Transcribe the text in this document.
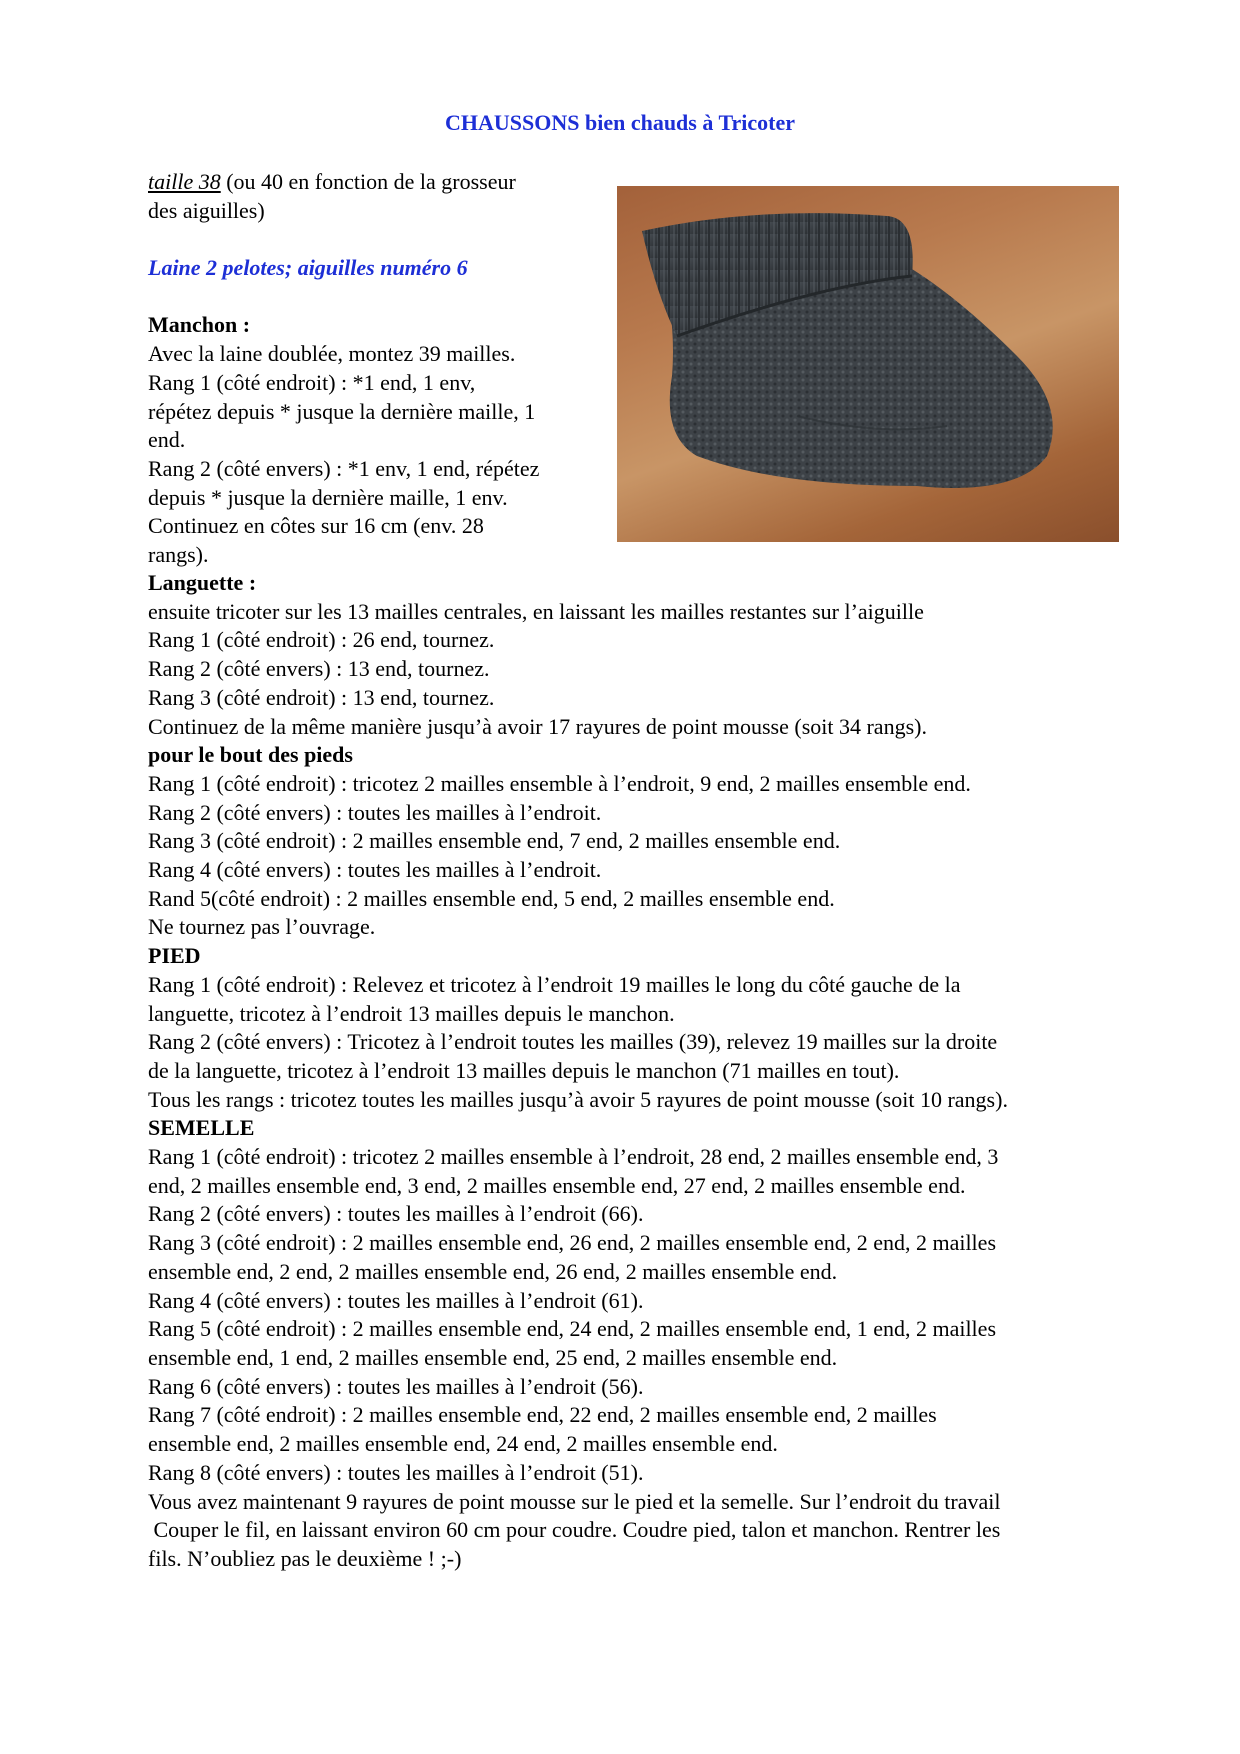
CHAUSSONS bien chauds à Tricoter
taille 38 (ou 40 en fonction de la grosseur
des aiguilles)
Laine 2 pelotes; aiguilles numéro 6
Manchon :
Avec la laine doublée, montez 39 mailles.
Rang 1 (côté endroit) : *1 end, 1 env,
répétez depuis * jusque la dernière maille, 1
end.
Rang 2 (côté envers) : *1 env, 1 end, répétez
depuis * jusque la dernière maille, 1 env.
Continuez en côtes sur 16 cm (env. 28
rangs).
Languette :
ensuite tricoter sur les 13 mailles centrales, en laissant les mailles restantes sur l’aiguille
Rang 1 (côté endroit) : 26 end, tournez.
Rang 2 (côté envers) : 13 end, tournez.
Rang 3 (côté endroit) : 13 end, tournez.
Continuez de la même manière jusqu’à avoir 17 rayures de point mousse (soit 34 rangs).
pour le bout des pieds
Rang 1 (côté endroit) : tricotez 2 mailles ensemble à l’endroit, 9 end, 2 mailles ensemble end.
Rang 2 (côté envers) : toutes les mailles à l’endroit.
Rang 3 (côté endroit) : 2 mailles ensemble end, 7 end, 2 mailles ensemble end.
Rang 4 (côté envers) : toutes les mailles à l’endroit.
Rand 5(côté endroit) : 2 mailles ensemble end, 5 end, 2 mailles ensemble end.
Ne tournez pas l’ouvrage.
PIED
Rang 1 (côté endroit) : Relevez et tricotez à l’endroit 19 mailles le long du côté gauche de la
languette, tricotez à l’endroit 13 mailles depuis le manchon.
Rang 2 (côté envers) : Tricotez à l’endroit toutes les mailles (39), relevez 19 mailles sur la droite
de la languette, tricotez à l’endroit 13 mailles depuis le manchon (71 mailles en tout).
Tous les rangs : tricotez toutes les mailles jusqu’à avoir 5 rayures de point mousse (soit 10 rangs).
SEMELLE
Rang 1 (côté endroit) : tricotez 2 mailles ensemble à l’endroit, 28 end, 2 mailles ensemble end, 3
end, 2 mailles ensemble end, 3 end, 2 mailles ensemble end, 27 end, 2 mailles ensemble end.
Rang 2 (côté envers) : toutes les mailles à l’endroit (66).
Rang 3 (côté endroit) : 2 mailles ensemble end, 26 end, 2 mailles ensemble end, 2 end, 2 mailles
ensemble end, 2 end, 2 mailles ensemble end, 26 end, 2 mailles ensemble end.
Rang 4 (côté envers) : toutes les mailles à l’endroit (61).
Rang 5 (côté endroit) : 2 mailles ensemble end, 24 end, 2 mailles ensemble end, 1 end, 2 mailles
ensemble end, 1 end, 2 mailles ensemble end, 25 end, 2 mailles ensemble end.
Rang 6 (côté envers) : toutes les mailles à l’endroit (56).
Rang 7 (côté endroit) : 2 mailles ensemble end, 22 end, 2 mailles ensemble end, 2 mailles
ensemble end, 2 mailles ensemble end, 24 end, 2 mailles ensemble end.
Rang 8 (côté envers) : toutes les mailles à l’endroit (51).
Vous avez maintenant 9 rayures de point mousse sur le pied et la semelle. Sur l’endroit du travail
Couper le fil, en laissant environ 60 cm pour coudre. Coudre pied, talon et manchon. Rentrer les
fils. N’oubliez pas le deuxième ! ;-)
